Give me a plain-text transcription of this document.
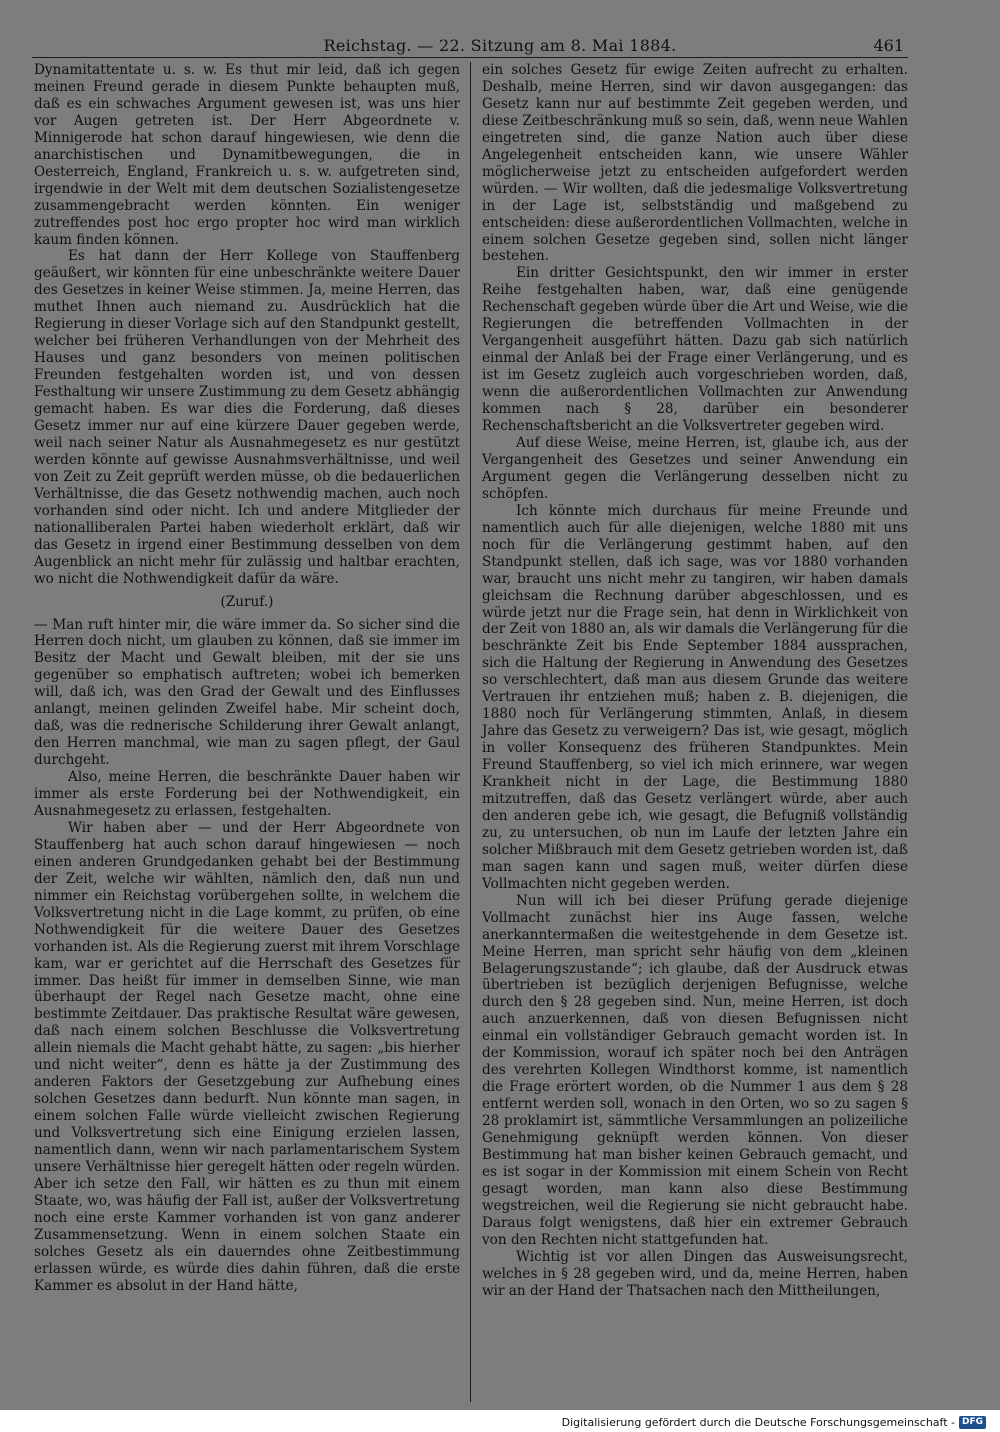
Reichstag. — 22. Sitzung am 8. Mai 1884.	461

Dynamitattentate u. s. w. Es thut mir leid, daß ich gegen meinen Freund gerade in diesem Punkte behaupten muß, daß es ein schwaches Argument gewesen ist, was uns hier vor Augen getreten ist. Der Herr Abgeordnete v. Minnigerode hat schon darauf hingewiesen, wie denn die anarchistischen und Dynamitbewegungen, die in Oesterreich, England, Frankreich u. s. w. aufgetreten sind, irgendwie in der Welt mit dem deutschen Sozialistengesetze zusammengebracht werden könnten. Ein weniger zutreffendes post hoc ergo propter hoc wird man wirklich kaum finden können.

Es hat dann der Herr Kollege von Stauffenberg geäußert, wir könnten für eine unbeschränkte weitere Dauer des Gesetzes in keiner Weise stimmen. Ja, meine Herren, das muthet Ihnen auch niemand zu. Ausdrücklich hat die Regierung in dieser Vorlage sich auf den Standpunkt gestellt, welcher bei früheren Verhandlungen von der Mehrheit des Hauses und ganz besonders von meinen politischen Freunden festgehalten worden ist, und von dessen Festhaltung wir unsere Zustimmung zu dem Gesetz abhängig gemacht haben. Es war dies die Forderung, daß dieses Gesetz immer nur auf eine kürzere Dauer gegeben werde, weil nach seiner Natur als Ausnahmegesetz es nur gestützt werden könnte auf gewisse Ausnahmsverhältnisse, und weil von Zeit zu Zeit geprüft werden müsse, ob die bedauerlichen Verhältnisse, die das Gesetz nothwendig machen, auch noch vorhanden sind oder nicht. Ich und andere Mitglieder der nationalliberalen Partei haben wiederholt erklärt, daß wir das Gesetz in irgend einer Bestimmung desselben von dem Augenblick an nicht mehr für zulässig und haltbar erachten, wo nicht die Nothwendigkeit dafür da wäre.

(Zuruf.)

— Man ruft hinter mir, die wäre immer da. So sicher sind die Herren doch nicht, um glauben zu können, daß sie immer im Besitz der Macht und Gewalt bleiben, mit der sie uns gegenüber so emphatisch auftreten; wobei ich bemerken will, daß ich, was den Grad der Gewalt und des Einflusses anlangt, meinen gelinden Zweifel habe. Mir scheint doch, daß, was die rednerische Schilderung ihrer Gewalt anlangt, den Herren manchmal, wie man zu sagen pflegt, der Gaul durchgeht.

Also, meine Herren, die beschränkte Dauer haben wir immer als erste Forderung bei der Nothwendigkeit, ein Ausnahmegesetz zu erlassen, festgehalten.

Wir haben aber — und der Herr Abgeordnete von Stauffenberg hat auch schon darauf hingewiesen — noch einen anderen Grundgedanken gehabt bei der Bestimmung der Zeit, welche wir wählten, nämlich den, daß nun und nimmer ein Reichstag vorübergehen sollte, in welchem die Volksvertretung nicht in die Lage kommt, zu prüfen, ob eine Nothwendigkeit für die weitere Dauer des Gesetzes vorhanden ist. Als die Regierung zuerst mit ihrem Vorschlage kam, war er gerichtet auf die Herrschaft des Gesetzes für immer. Das heißt für immer in demselben Sinne, wie man überhaupt der Regel nach Gesetze macht, ohne eine bestimmte Zeitdauer. Das praktische Resultat wäre gewesen, daß nach einem solchen Beschlusse die Volksvertretung allein niemals die Macht gehabt hätte, zu sagen: „bis hierher und nicht weiter“, denn es hätte ja der Zustimmung des anderen Faktors der Gesetzgebung zur Aufhebung eines solchen Gesetzes dann bedurft. Nun könnte man sagen, in einem solchen Falle würde vielleicht zwischen Regierung und Volksvertretung sich eine Einigung erzielen lassen, namentlich dann, wenn wir nach parlamentarischem System unsere Verhältnisse hier geregelt hätten oder regeln würden. Aber ich setze den Fall, wir hätten es zu thun mit einem Staate, wo, was häufig der Fall ist, außer der Volksvertretung noch eine erste Kammer vorhanden ist von ganz anderer Zusammensetzung. Wenn in einem solchen Staate ein solches Gesetz als ein dauerndes ohne Zeitbestimmung erlassen würde, es würde dies dahin führen, daß die erste Kammer es absolut in der Hand hätte,

ein solches Gesetz für ewige Zeiten aufrecht zu erhalten. Deshalb, meine Herren, sind wir davon ausgegangen: das Gesetz kann nur auf bestimmte Zeit gegeben werden, und diese Zeitbeschränkung muß so sein, daß, wenn neue Wahlen eingetreten sind, die ganze Nation auch über diese Angelegenheit entscheiden kann, wie unsere Wähler möglicherweise jetzt zu entscheiden aufgefordert werden würden. — Wir wollten, daß die jedesmalige Volksvertretung in der Lage ist, selbstständig und maßgebend zu entscheiden: diese außerordentlichen Vollmachten, welche in einem solchen Gesetze gegeben sind, sollen nicht länger bestehen.

Ein dritter Gesichtspunkt, den wir immer in erster Reihe festgehalten haben, war, daß eine genügende Rechenschaft gegeben würde über die Art und Weise, wie die Regierungen die betreffenden Vollmachten in der Vergangenheit ausgeführt hätten. Dazu gab sich natürlich einmal der Anlaß bei der Frage einer Verlängerung, und es ist im Gesetz zugleich auch vorgeschrieben worden, daß, wenn die außerordentlichen Vollmachten zur Anwendung kommen nach § 28, darüber ein besonderer Rechenschaftsbericht an die Volksvertreter gegeben wird.

Auf diese Weise, meine Herren, ist, glaube ich, aus der Vergangenheit des Gesetzes und seiner Anwendung ein Argument gegen die Verlängerung desselben nicht zu schöpfen.

Ich könnte mich durchaus für meine Freunde und namentlich auch für alle diejenigen, welche 1880 mit uns noch für die Verlängerung gestimmt haben, auf den Standpunkt stellen, daß ich sage, was vor 1880 vorhanden war, braucht uns nicht mehr zu tangiren, wir haben damals gleichsam die Rechnung darüber abgeschlossen, und es würde jetzt nur die Frage sein, hat denn in Wirklichkeit von der Zeit von 1880 an, als wir damals die Verlängerung für die beschränkte Zeit bis Ende September 1884 aussprachen, sich die Haltung der Regierung in Anwendung des Gesetzes so verschlechtert, daß man aus diesem Grunde das weitere Vertrauen ihr entziehen muß; haben z. B. diejenigen, die 1880 noch für Verlängerung stimmten, Anlaß, in diesem Jahre das Gesetz zu verweigern? Das ist, wie gesagt, möglich in voller Konsequenz des früheren Standpunktes. Mein Freund Stauffenberg, so viel ich mich erinnere, war wegen Krankheit nicht in der Lage, die Bestimmung 1880 mitzutreffen, daß das Gesetz verlängert würde, aber auch den anderen gebe ich, wie gesagt, die Befugniß vollständig zu, zu untersuchen, ob nun im Laufe der letzten Jahre ein solcher Mißbrauch mit dem Gesetz getrieben worden ist, daß man sagen kann und sagen muß, weiter dürfen diese Vollmachten nicht gegeben werden.

Nun will ich bei dieser Prüfung gerade diejenige Vollmacht zunächst hier ins Auge fassen, welche anerkanntermaßen die weitestgehende in dem Gesetze ist. Meine Herren, man spricht sehr häufig von dem „kleinen Belagerungszustande“; ich glaube, daß der Ausdruck etwas übertrieben ist bezüglich derjenigen Befugnisse, welche durch den § 28 gegeben sind. Nun, meine Herren, ist doch auch anzuerkennen, daß von diesen Befugnissen nicht einmal ein vollständiger Gebrauch gemacht worden ist. In der Kommission, worauf ich später noch bei den Anträgen des verehrten Kollegen Windthorst komme, ist namentlich die Frage erörtert worden, ob die Nummer 1 aus dem § 28 entfernt werden soll, wonach in den Orten, wo so zu sagen § 28 proklamirt ist, sämmtliche Versammlungen an polizeiliche Genehmigung geknüpft werden können. Von dieser Bestimmung hat man bisher keinen Gebrauch gemacht, und es ist sogar in der Kommission mit einem Schein von Recht gesagt worden, man kann also diese Bestimmung wegstreichen, weil die Regierung sie nicht gebraucht habe. Daraus folgt wenigstens, daß hier ein extremer Gebrauch von den Rechten nicht stattgefunden hat.

Wichtig ist vor allen Dingen das Ausweisungsrecht, welches in § 28 gegeben wird, und da, meine Herren, haben wir an der Hand der Thatsachen nach den Mittheilungen,

Digitalisierung gefördert durch die Deutsche Forschungsgemeinschaft - DFG
